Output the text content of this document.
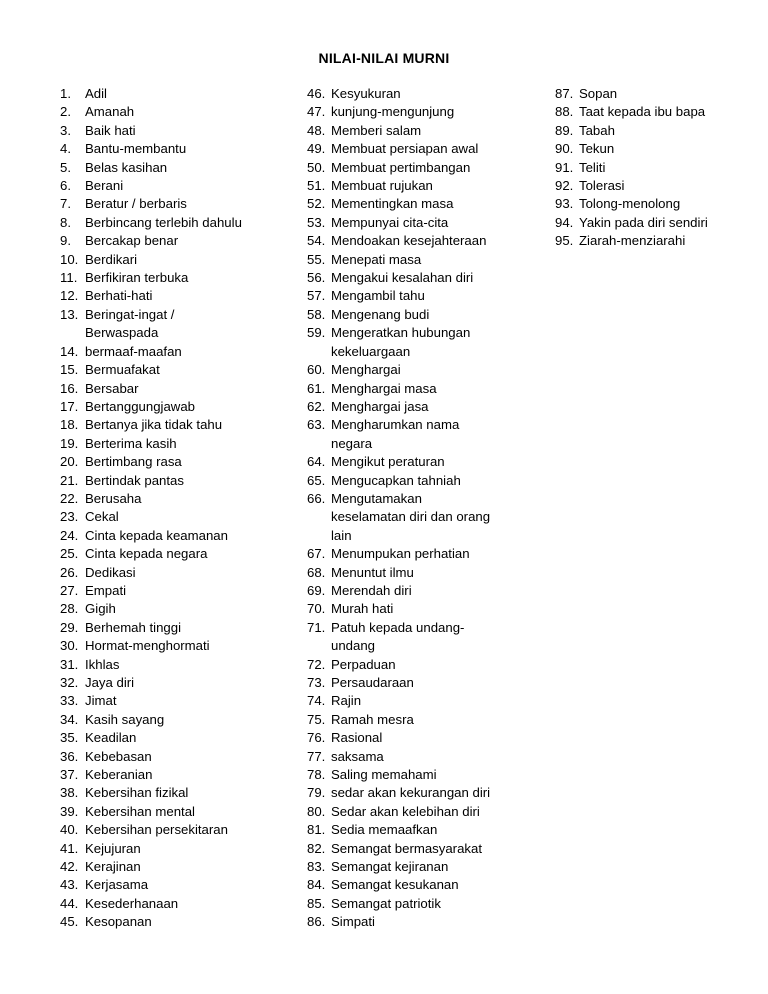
NILAI-NILAI MURNI
1.	Adil
2.	Amanah
3.	Baik hati
4.	Bantu-membantu
5.	Belas kasihan
6.	Berani
7.	Beratur / berbaris
8.	Berbincang terlebih dahulu
9.	Bercakap benar
10. Berdikari
11. Berfikiran terbuka
12. Berhati-hati
13. Beringat-ingat /
Berwaspada
14. bermaaf-maafan
15. Bermuafakat
16. Bersabar
17. Bertanggungjawab
18. Bertanya jika tidak tahu
19. Berterima kasih
20. Bertimbang rasa
21. Bertindak pantas
22. Berusaha
23. Cekal
24. Cinta kepada keamanan
25. Cinta kepada negara
26. Dedikasi
27. Empati
28. Gigih
29. Berhemah tinggi
30. Hormat-menghormati
31. Ikhlas
32. Jaya diri
33. Jimat
34. Kasih sayang
35. Keadilan
36. Kebebasan
37. Keberanian
38. Kebersihan fizikal
39. Kebersihan mental
40. Kebersihan persekitaran
41. Kejujuran
42. Kerajinan
43. Kerjasama
44. Kesederhanaan
45. Kesopanan
46. Kesyukuran
47. kunjung-mengunjung
48. Memberi salam
49. Membuat persiapan awal
50. Membuat pertimbangan
51. Membuat rujukan
52. Mementingkan masa
53. Mempunyai cita-cita
54. Mendoakan kesejahteraan
55. Menepati masa
56. Mengakui kesalahan diri
57. Mengambil tahu
58. Mengenang budi
59. Mengeratkan hubungan
kekeluargaan
60. Menghargai
61. Menghargai masa
62. Menghargai jasa
63. Mengharumkan nama
negara
64. Mengikut peraturan
65. Mengucapkan tahniah
66. Mengutamakan
keselamatan diri dan orang
lain
67. Menumpukan perhatian
68. Menuntut ilmu
69. Merendah diri
70. Murah hati
71. Patuh kepada undang-
undang
72. Perpaduan
73. Persaudaraan
74. Rajin
75. Ramah mesra
76. Rasional
77. saksama
78. Saling memahami
79. sedar akan kekurangan diri
80. Sedar akan kelebihan diri
81. Sedia memaafkan
82. Semangat bermasyarakat
83. Semangat kejiranan
84. Semangat kesukanan
85. Semangat patriotik
86. Simpati
87. Sopan
88. Taat kepada ibu bapa
89. Tabah
90. Tekun
91. Teliti
92. Tolerasi
93. Tolong-menolong
94. Yakin pada diri sendiri
95. Ziarah-menziarahi
